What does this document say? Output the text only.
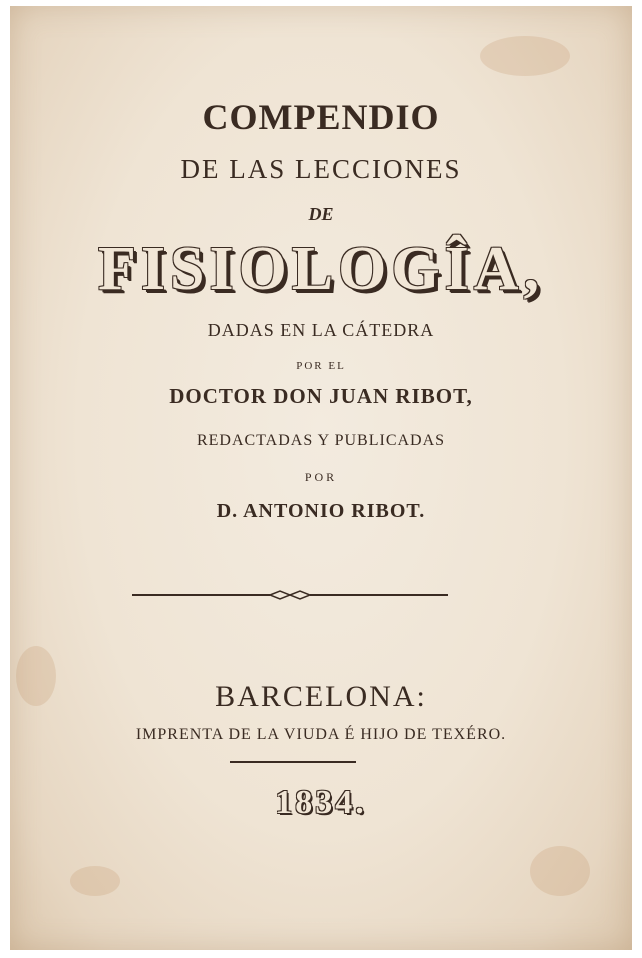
COMPENDIO
DE LAS LECCIONES
DE
FISIOLOGÎA,
DADAS EN LA CÁTEDRA
POR EL
DOCTOR DON JUAN RIBOT,
REDACTADAS Y PUBLICADAS
POR
D. ANTONIO RIBOT.
BARCELONA:
IMPRENTA DE LA VIUDA É HIJO DE TEXÉRO.
1834.
